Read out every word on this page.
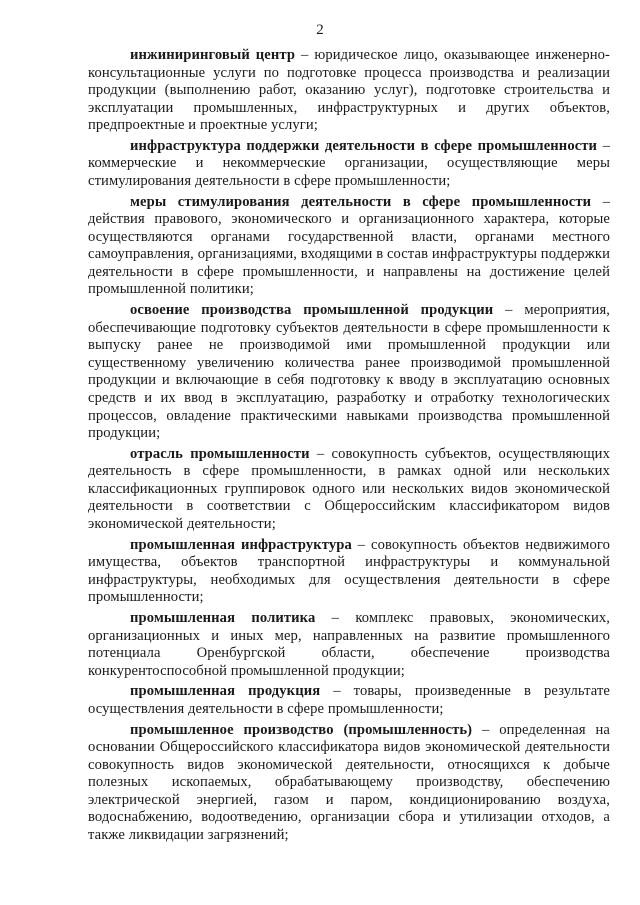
2

инжиниринговый центр – юридическое лицо, оказывающее инженерно-консультационные услуги по подготовке процесса производства и реализации продукции (выполнению работ, оказанию услуг), подготовке строительства и эксплуатации промышленных, инфраструктурных и других объектов, предпроектные и проектные услуги;

инфраструктура поддержки деятельности в сфере промышленности – коммерческие и некоммерческие организации, осуществляющие меры стимулирования деятельности в сфере промышленности;

меры стимулирования деятельности в сфере промышленности – действия правового, экономического и организационного характера, которые осуществляются органами государственной власти, органами местного самоуправления, организациями, входящими в состав инфраструктуры поддержки деятельности в сфере промышленности, и направлены на достижение целей промышленной политики;

освоение производства промышленной продукции – мероприятия, обеспечивающие подготовку субъектов деятельности в сфере промышленности к выпуску ранее не производимой ими промышленной продукции или существенному увеличению количества ранее производимой промышленной продукции и включающие в себя подготовку к вводу в эксплуатацию основных средств и их ввод в эксплуатацию, разработку и отработку технологических процессов, овладение практическими навыками производства промышленной продукции;

отрасль промышленности – совокупность субъектов, осуществляющих деятельность в сфере промышленности, в рамках одной или нескольких классификационных группировок одного или нескольких видов экономической деятельности в соответствии с Общероссийским классификатором видов экономической деятельности;

промышленная инфраструктура – совокупность объектов недвижимого имущества, объектов транспортной инфраструктуры и коммунальной инфраструктуры, необходимых для осуществления деятельности в сфере промышленности;

промышленная политика – комплекс правовых, экономических, организационных и иных мер, направленных на развитие промышленного потенциала Оренбургской области, обеспечение производства конкурентоспособной промышленной продукции;

промышленная продукция – товары, произведенные в результате осуществления деятельности в сфере промышленности;

промышленное производство (промышленность) – определенная на основании Общероссийского классификатора видов экономической деятельности совокупность видов экономической деятельности, относящихся к добыче полезных ископаемых, обрабатывающему производству, обеспечению электрической энергией, газом и паром, кондиционированию воздуха, водоснабжению, водоотведению, организации сбора и утилизации отходов, а также ликвидации загрязнений;
